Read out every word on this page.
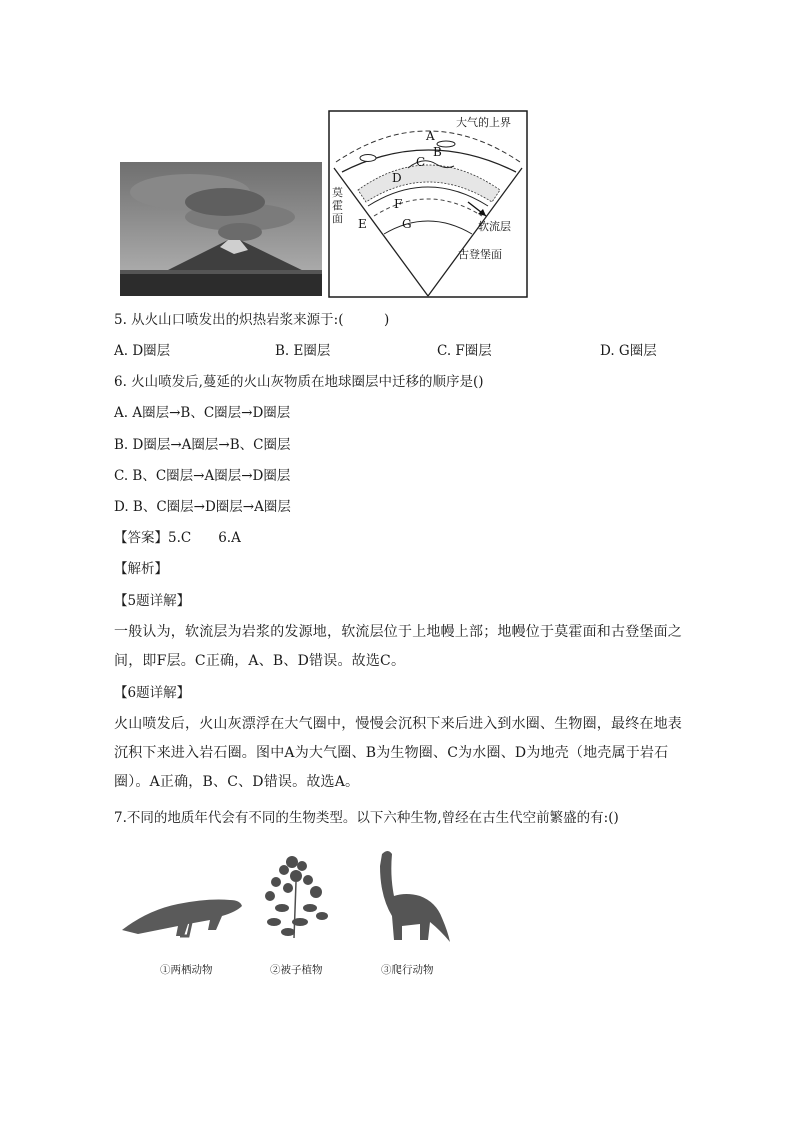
大气的上界
A
B
C
D
E
F
G	软流层
古登堡面
莫霍面
5. 从火山口喷发出的炽热岩浆来源于:(　　　)
A. D圈层	B. E圈层	C. F圈层	D. G圈层
6. 火山喷发后,蔓延的火山灰物质在地球圈层中迁移的顺序是()
A. A圈层→B、C圈层→D圈层
B. D圈层→A圈层→B、C圈层
C. B、C圈层→A圈层→D圈层
D. B、C圈层→D圈层→A圈层
【答案】5.C　　6.A
【解析】
【5题详解】
一般认为，软流层为岩浆的发源地，软流层位于上地幔上部；地幔位于莫霍面和古登堡面之间，即F层。C正确，A、B、D错误。故选C。
【6题详解】
火山喷发后，火山灰漂浮在大气圈中，慢慢会沉积下来后进入到水圈、生物圈，最终在地表沉积下来进入岩石圈。图中A为大气圈、B为生物圈、C为水圈、D为地壳（地壳属于岩石圈）。A正确，B、C、D错误。故选A。
7.不同的地质年代会有不同的生物类型。以下六种生物,曾经在古生代空前繁盛的有:()
①两栖动物	②被子植物	③爬行动物
